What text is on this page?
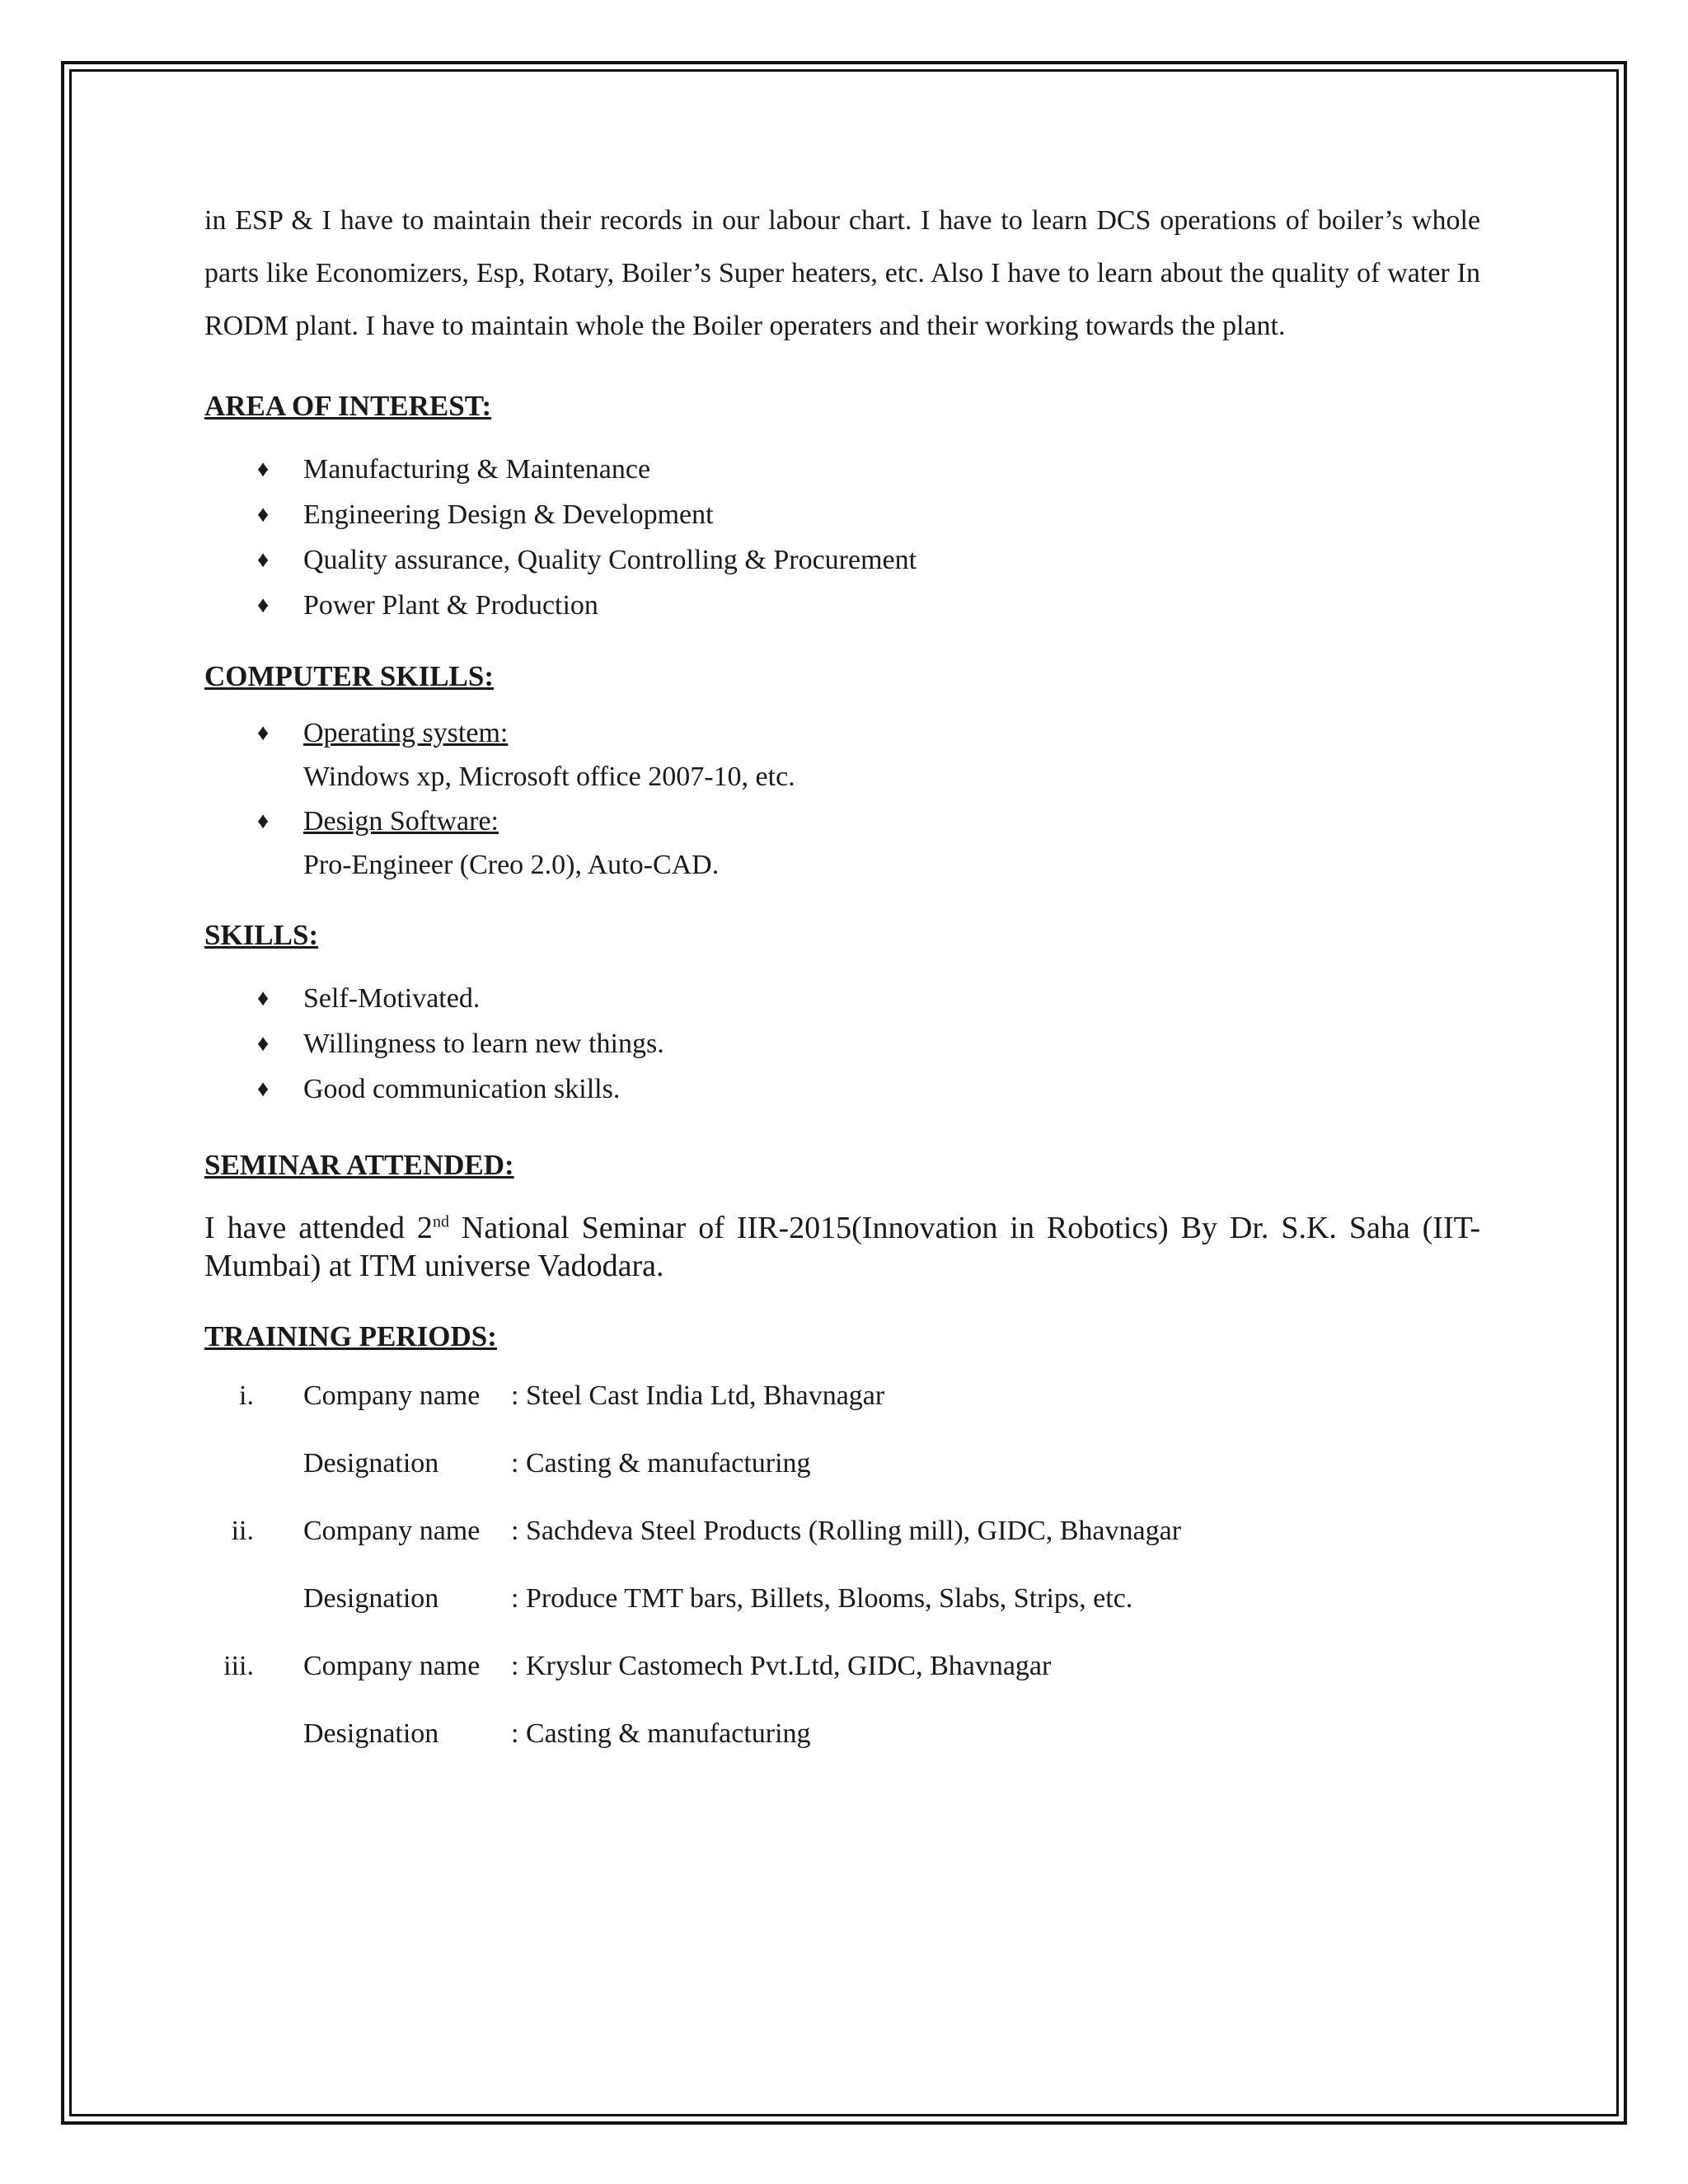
in ESP & I have to maintain their records in our labour chart. I have to learn DCS operations of boiler’s whole parts like Economizers, Esp, Rotary, Boiler’s Super heaters, etc. Also I have to learn about the quality of water In RODM plant. I have to maintain whole the Boiler operaters and their working towards the plant.

AREA OF INTEREST:

♦ Manufacturing & Maintenance
♦ Engineering Design & Development
♦ Quality assurance, Quality Controlling & Procurement
♦ Power Plant & Production

COMPUTER SKILLS:

♦ Operating system:
Windows xp, Microsoft office 2007-10, etc.
♦ Design Software:
Pro-Engineer (Creo 2.0), Auto-CAD.

SKILLS:

♦ Self-Motivated.
♦ Willingness to learn new things.
♦ Good communication skills.

SEMINAR ATTENDED:

I have attended 2nd National Seminar of IIR-2015(Innovation in Robotics) By Dr. S.K. Saha (IIT-Mumbai) at ITM universe Vadodara.

TRAINING PERIODS:

i.	Company name	: Steel Cast India Ltd, Bhavnagar
Designation	: Casting & manufacturing
ii.	Company name	: Sachdeva Steel Products (Rolling mill), GIDC, Bhavnagar
Designation	: Produce TMT bars, Billets, Blooms, Slabs, Strips, etc.
iii.	Company name	: Kryslur Castomech Pvt.Ltd, GIDC, Bhavnagar
Designation	: Casting & manufacturing
